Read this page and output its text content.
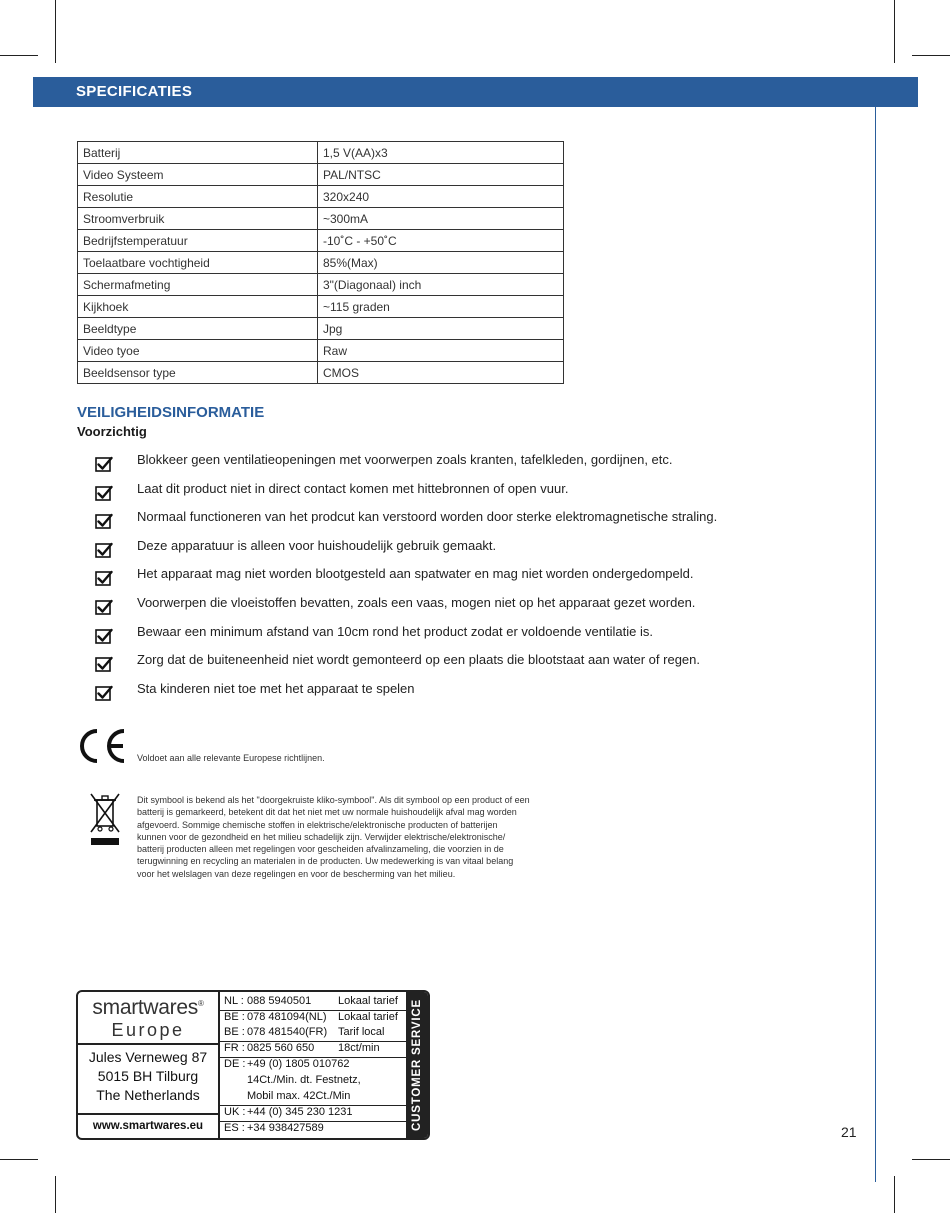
SPECIFICATIES
Batterij	1,5 V(AA)x3
Video Systeem	PAL/NTSC
Resolutie	320x240
Stroomverbruik	~300mA
Bedrijfstemperatuur	-10˚C - +50˚C
Toelaatbare vochtigheid	85%(Max)
Schermafmeting	3"(Diagonaal) inch
Kijkhoek	~115 graden
Beeldtype	Jpg
Video tyoe	Raw
Beeldsensor type	CMOS
VEILIGHEIDSINFORMATIE
Voorzichtig
Blokkeer geen ventilatieopeningen met voorwerpen zoals kranten, tafelkleden, gordijnen, etc.
Laat dit product niet in direct contact komen met hittebronnen of open vuur.
Normaal functioneren van het prodcut kan verstoord worden door sterke elektromagnetische straling.
Deze apparatuur is alleen voor huishoudelijk gebruik gemaakt.
Het apparaat mag niet worden blootgesteld aan spatwater en mag niet worden ondergedompeld.
Voorwerpen die vloeistoffen bevatten, zoals een vaas, mogen niet op het apparaat gezet worden.
Bewaar een minimum afstand van 10cm rond het product zodat er voldoende ventilatie is.
Zorg dat de buiteneenheid niet wordt gemonteerd op een plaats die blootstaat aan water of regen.
Sta kinderen niet toe met het apparaat te spelen
Voldoet aan alle relevante Europese richtlijnen.
Dit symbool is bekend als het "doorgekruiste kliko-symbool". Als dit symbool op een product of een
batterij is gemarkeerd, betekent dit dat het niet met uw normale huishoudelijk afval mag worden
afgevoerd. Sommige chemische stoffen in elektrische/elektronische producten of batterijen
kunnen voor de gezondheid en het milieu schadelijk zijn. Verwijder elektrische/elektronische/
batterij producten alleen met regelingen voor gescheiden afvalinzameling, die voorzien in de
terugwinning en recycling an materialen in de producten. Uw medewerking is van vitaal belang
voor het welslagen van deze regelingen en voor de bescherming van het milieu.
smartwares®
Europe
Jules Verneweg 87
5015 BH Tilburg
The Netherlands
www.smartwares.eu
NL : 088 5940501 Lokaal tarief
BE : 078 481094(NL) Lokaal tarief
BE : 078 481540(FR) Tarif local
FR : 0825 560 650 18ct/min
DE : +49 (0) 1805 010762
14Ct./Min. dt. Festnetz,
Mobil max. 42Ct./Min
UK : +44 (0) 345 230 1231
ES : +34 938427589	CUSTOMER SERVICE
21
